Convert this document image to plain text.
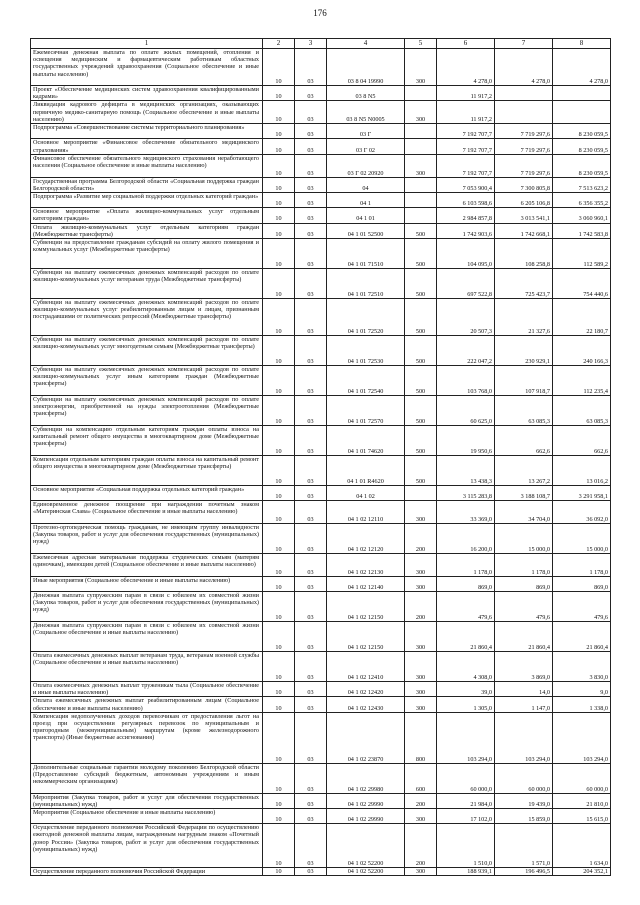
176
1	2	3	4	5	6	7	8
Ежемесячная денежная выплата по оплате жилых помещений, отопления и освещения медицинским и фармацевтическим работникам областных государственных учреждений здравоохранения (Социальное обеспечение и иные выплаты населению)	10	03	03 8 04 19990	300	4 278,0	4 278,0	4 278,0
Проект «Обеспечение медицинских систем здравоохранения квалифицированными кадрами»	10	03	03 8 N5		11 917,2		
Ликвидация кадрового дефицита в медицинских организациях, оказывающих первичную медико-санитарную помощь (Социальное обеспечение и иные выплаты населению)	10	03	03 8 N5 N0005	300	11 917,2		
Подпрограмма «Совершенствование системы территориального планирования»	10	03	03 Г		7 192 707,7	7 719 297,6	8 230 059,5
Основное мероприятие «Финансовое обеспечение обязательного медицинского страхования»	10	03	03 Г 02		7 192 707,7	7 719 297,6	8 230 059,5
Финансовое обеспечение обязательного медицинского страхования неработающего населения (Социальное обеспечение и иные выплаты населению)	10	03	03 Г 02 20920	300	7 192 707,7	7 719 297,6	8 230 059,5
Государственная программа Белгородской области «Социальная поддержка граждан Белгородской области»	10	03	04		7 053 900,4	7 300 805,8	7 513 623,2
Подпрограмма «Развитие мер социальной поддержки отдельных категорий граждан»	10	03	04 1		6 103 598,6	6 205 106,8	6 356 355,2
Основное мероприятие «Оплата жилищно-коммунальных услуг отдельным категориям граждан»	10	03	04 1 01		2 984 857,8	3 013 541,1	3 060 960,1
Оплата жилищно-коммунальных услуг отдельным категориям граждан (Межбюджетные трансферты)	10	03	04 1 01 52500	500	1 742 903,6	1 742 668,1	1 742 583,8
Субвенции на предоставление гражданам субсидий на оплату жилого помещения и коммунальных услуг (Межбюджетные трансферты)	10	03	04 1 01 71510	500	104 095,0	108 258,8	112 589,2
Субвенции на выплату ежемесячных денежных компенсаций расходов по оплате жилищно-коммунальных услуг ветеранам труда (Межбюджетные трансферты)	10	03	04 1 01 72510	500	697 522,8	725 423,7	754 440,6
Субвенции на выплату ежемесячных денежных компенсаций расходов по оплате жилищно-коммунальных услуг реабилитированным лицам и лицам, признанным пострадавшими от политических репрессий (Межбюджетные трансферты)	10	03	04 1 01 72520	500	20 507,3	21 327,6	22 180,7
Субвенции на выплату ежемесячных денежных компенсаций расходов по оплате жилищно-коммунальных услуг многодетным семьям (Межбюджетные трансферты)	10	03	04 1 01 72530	500	222 047,2	230 929,1	240 166,3
Субвенции на выплату ежемесячных денежных компенсаций расходов по оплате жилищно-коммунальных услуг иным категориям граждан (Межбюджетные трансферты)	10	03	04 1 01 72540	500	103 768,0	107 918,7	112 235,4
Субвенции на выплату ежемесячных денежных компенсаций расходов по оплате электроэнергии, приобретенной на нужды электроотопления (Межбюджетные трансферты)	10	03	04 1 01 72570	500	60 625,0	63 085,3	63 085,3
Субвенции на компенсацию отдельным категориям граждан оплаты взноса на капитальный ремонт общего имущества в многоквартирном доме (Межбюджетные трансферты)	10	03	04 1 01 74620	500	19 950,6	662,6	662,6
Компенсация отдельным категориям граждан оплаты взноса на капитальный ремонт общего имущества в многоквартирном доме (Межбюджетные трансферты)	10	03	04 1 01 R4620	500	13 438,3	13 267,2	13 016,2
Основное мероприятие «Социальная поддержка отдельных категорий граждан»	10	03	04 1 02		3 115 283,8	3 188 108,7	3 291 958,1
Единовременное денежное поощрение при награждении почетным знаком «Материнская Слава» (Социальное обеспечение и иные выплаты населению)	10	03	04 1 02 12110	300	33 369,0	34 704,0	36 092,0
Протезно-ортопедическая помощь гражданам, не имеющим группу инвалидности (Закупка товаров, работ и услуг для обеспечения государственных (муниципальных) нужд)	10	03	04 1 02 12120	200	16 200,0	15 000,0	15 000,0
Ежемесячная адресная материальная поддержка студенческих семьям (матерям одиночкам), имеющим детей (Социальное обеспечение и иные выплаты населению)	10	03	04 1 02 12130	300	1 178,0	1 178,0	1 178,0
Иные мероприятия (Социальное обеспечение и иные выплаты населению)	10	03	04 1 02 12140	300	869,0	869,0	869,0
Денежная выплата супружеским парам в связи с юбилеем их совместной жизни (Закупка товаров, работ и услуг для обеспечения государственных (муниципальных) нужд)	10	03	04 1 02 12150	200	479,6	479,6	479,6
Денежная выплата супружеским парам в связи с юбилеем их совместной жизни (Социальное обеспечение и иные выплаты населению)	10	03	04 1 02 12150	300	21 860,4	21 860,4	21 860,4
Оплата ежемесячных денежных выплат ветеранам труда, ветеранам военной службы (Социальное обеспечение и иные выплаты населению)	10	03	04 1 02 12410	300	4 308,0	3 869,0	3 830,0
Оплата ежемесячных денежных выплат труженикам тыла (Социальное обеспечение и иные выплаты населению)	10	03	04 1 02 12420	300	39,0	14,0	9,0
Оплата ежемесячных денежных выплат реабилитированным лицам (Социальное обеспечение и иные выплаты населению)	10	03	04 1 02 12430	300	1 305,0	1 147,0	1 338,0
Компенсация недополученных доходов перевозчикам от предоставления льгот на проезд при осуществлении регулярных перевозок по муниципальным и пригородным (межмуниципальным) маршрутам (кроме железнодорожного транспорта) (Иные бюджетные ассигнования)	10	03	04 1 02 23870	800	103 294,0	103 294,0	103 294,0
Дополнительные социальные гарантии молодому поколению Белгородской области (Предоставление субсидий бюджетным, автономным учреждениям и иным некоммерческим организациям)	10	03	04 1 02 29980	600	60 000,0	60 000,0	60 000,0
Мероприятия (Закупка товаров, работ и услуг для обеспечения государственных (муниципальных) нужд)	10	03	04 1 02 29990	200	21 984,0	19 439,0	21 810,0
Мероприятия (Социальное обеспечение и иные выплаты населению)	10	03	04 1 02 29990	300	17 102,0	15 859,0	15 615,0
Осуществление переданного полномочия Российской Федерации по осуществлению ежегодной денежной выплаты лицам, награжденным нагрудным знаком «Почетный донор России» (Закупка товаров, работ и услуг для обеспечения государственных (муниципальных) нужд)	10	03	04 1 02 52200	200	1 510,0	1 571,0	1 634,0
Осуществление переданного полномочия Российской Федерации	10	03	04 1 02 52200	300	188 939,1	196 496,5	204 352,1
